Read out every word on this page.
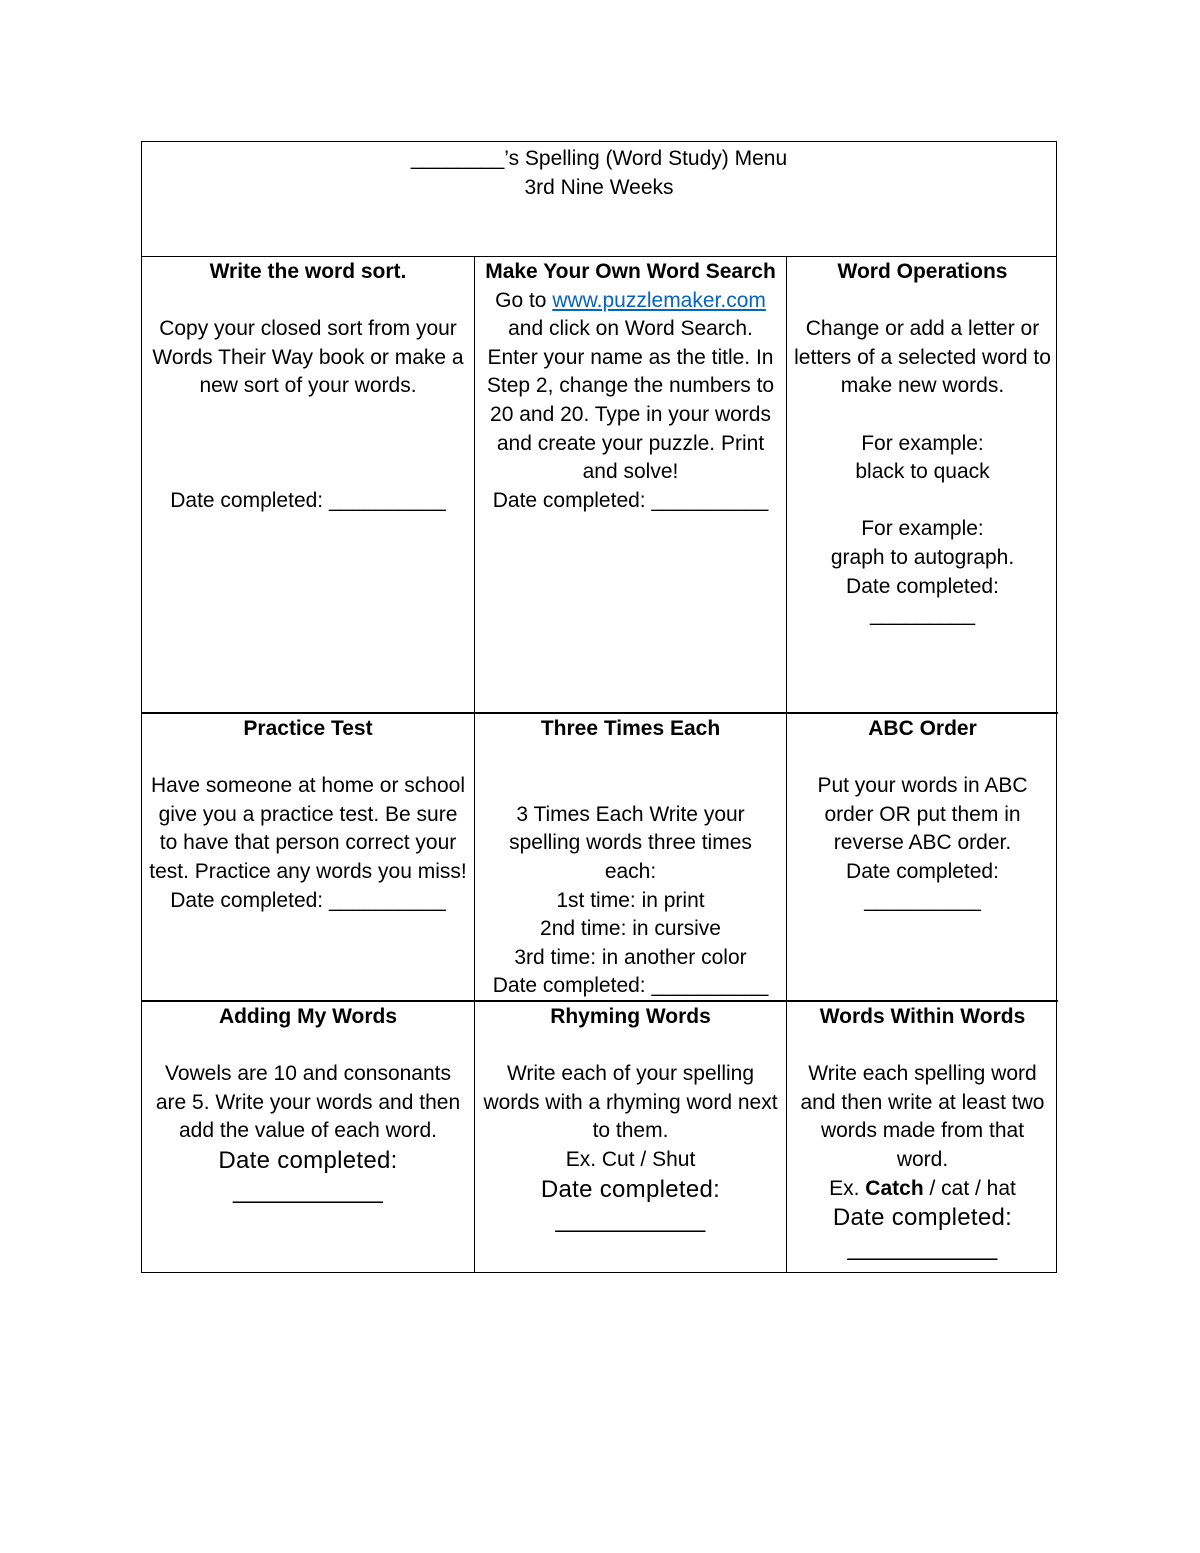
________’s Spelling (Word Study) Menu
3rd Nine Weeks
Write the word sort.
Copy your closed sort from your Words Their Way book or make a new sort of your words.
Date completed: __________
Make Your Own Word Search
Go to www.puzzlemaker.com
and click on Word Search. Enter your name as the title. In Step 2, change the numbers to 20 and 20. Type in your words and create your puzzle. Print and solve!
Date completed: __________
Word Operations
Change or add a letter or letters of a selected word to make new words.
For example:
black to quack
For example:
graph to autograph.
Date completed:
_________
Practice Test
Have someone at home or school give you a practice test. Be sure to have that person correct your test. Practice any words you miss!
Date completed: __________
Three Times Each
3 Times Each Write your spelling words three times each:
1st time: in print
2nd time: in cursive
3rd time: in another color
Date completed: __________
ABC Order
Put your words in ABC order OR put them in reverse ABC order.
Date completed:
__________
Adding My Words
Vowels are 10 and consonants are 5. Write your words and then add the value of each word.
Date completed:
___________
Rhyming Words
Write each of your spelling words with a rhyming word next to them.
Ex. Cut / Shut
Date completed:
___________
Words Within Words
Write each spelling word and then write at least two words made from that word.
Ex. Catch / cat / hat
Date completed:
___________
